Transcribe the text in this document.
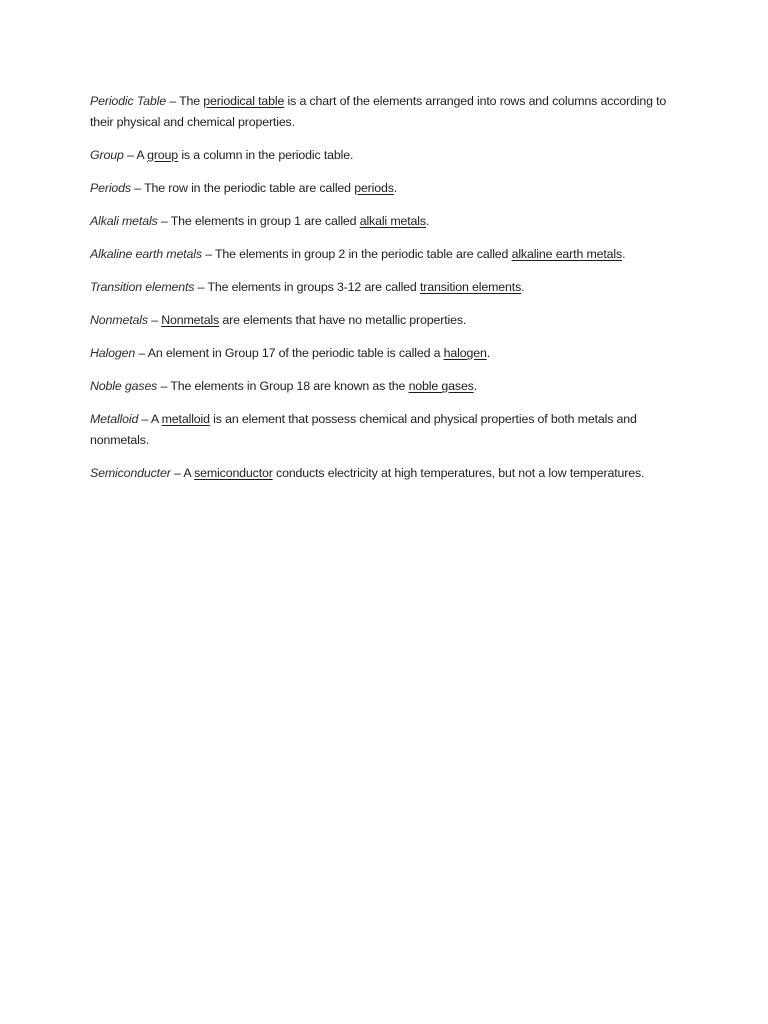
Periodic Table – The periodical table is a chart of the elements arranged into rows and columns according to their physical and chemical properties.

Group – A group is a column in the periodic table.

Periods – The row in the periodic table are called periods.

Alkali metals – The elements in group 1 are called alkali metals.

Alkaline earth metals – The elements in group 2 in the periodic table are called alkaline earth metals.

Transition elements – The elements in groups 3-12 are called transition elements.

Nonmetals – Nonmetals are elements that have no metallic properties.

Halogen – An element in Group 17 of the periodic table is called a halogen.

Noble gases – The elements in Group 18 are known as the noble gases.

Metalloid – A metalloid is an element that possess chemical and physical properties of both metals and nonmetals.

Semiconducter – A semiconductor conducts electricity at high temperatures, but not a low temperatures.
